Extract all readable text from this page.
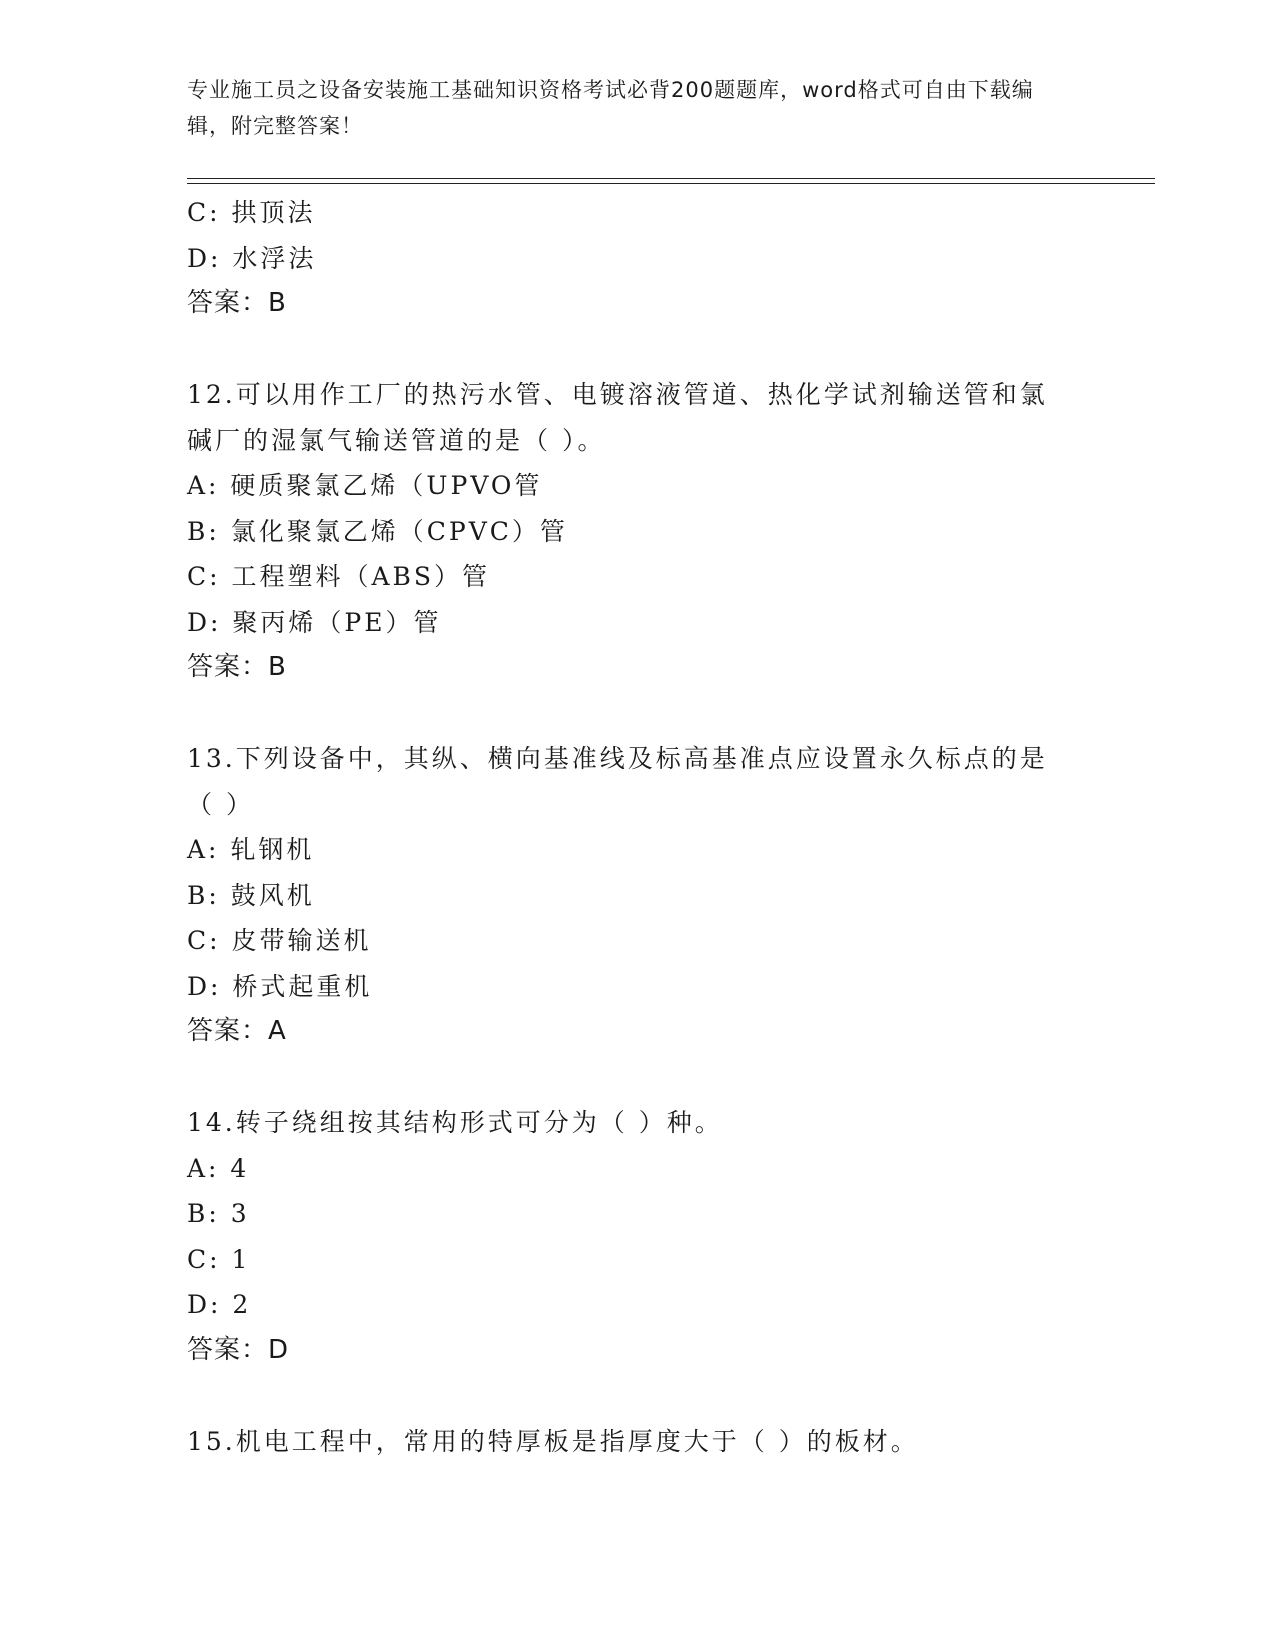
专业施工员之设备安装施工基础知识资格考试必背200题题库，word格式可自由下载编辑，附完整答案！
C: 拱顶法
D: 水浮法
答案：B
12.可以用作工厂的热污水管、电镀溶液管道、热化学试剂输送管和氯
碱厂的湿氯气输送管道的是（ ）。
A: 硬质聚氯乙烯（UPVO管
B: 氯化聚氯乙烯（CPVC）管
C: 工程塑料（ABS）管
D: 聚丙烯（PE）管
答案：B
13.下列设备中，其纵、横向基准线及标高基准点应设置永久标点的是
（ ）
A: 轧钢机
B: 鼓风机
C: 皮带输送机
D: 桥式起重机
答案：A
14.转子绕组按其结构形式可分为（ ）种。
A: 4
B: 3
C: 1
D: 2
答案：D
15.机电工程中，常用的特厚板是指厚度大于（ ）的板材。
